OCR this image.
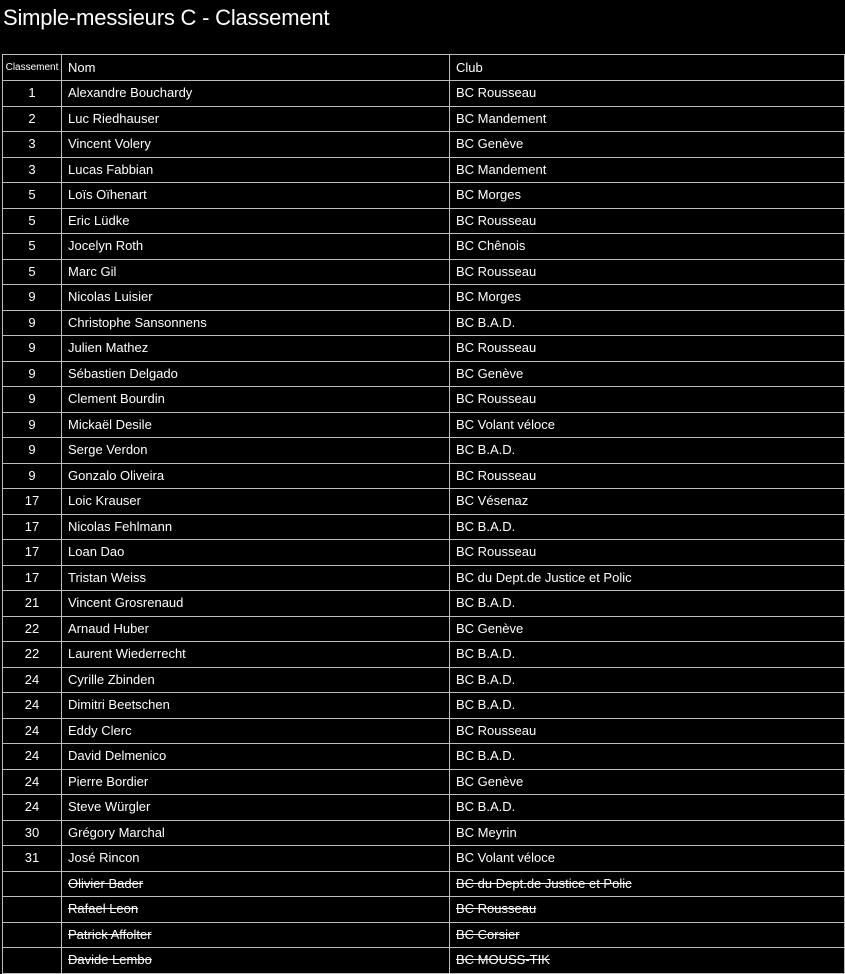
Simple-messieurs C - Classement
Classement	Nom	Club
1	Alexandre Bouchardy	BC Rousseau
2	Luc Riedhauser	BC Mandement
3	Vincent Volery	BC Genève
3	Lucas Fabbian	BC Mandement
5	Loïs Oïhenart	BC Morges
5	Eric Lüdke	BC Rousseau
5	Jocelyn Roth	BC Chênois
5	Marc Gil	BC Rousseau
9	Nicolas Luisier	BC Morges
9	Christophe Sansonnens	BC B.A.D.
9	Julien Mathez	BC Rousseau
9	Sébastien Delgado	BC Genève
9	Clement Bourdin	BC Rousseau
9	Mickaël Desile	BC Volant véloce
9	Serge Verdon	BC B.A.D.
9	Gonzalo Oliveira	BC Rousseau
17	Loic Krauser	BC Vésenaz
17	Nicolas Fehlmann	BC B.A.D.
17	Loan Dao	BC Rousseau
17	Tristan Weiss	BC du Dept.de Justice et Polic
21	Vincent Grosrenaud	BC B.A.D.
22	Arnaud Huber	BC Genève
22	Laurent Wiederrecht	BC B.A.D.
24	Cyrille Zbinden	BC B.A.D.
24	Dimitri Beetschen	BC B.A.D.
24	Eddy Clerc	BC Rousseau
24	David Delmenico	BC B.A.D.
24	Pierre Bordier	BC Genève
24	Steve Würgler	BC B.A.D.
30	Grégory Marchal	BC Meyrin
31	José Rincon	BC Volant véloce
	Olivier Bader	BC du Dept.de Justice et Polic
	Rafael Leon	BC Rousseau
	Patrick Affolter	BC Corsier
	Davide Lembo	BC MOUSS-TIK
